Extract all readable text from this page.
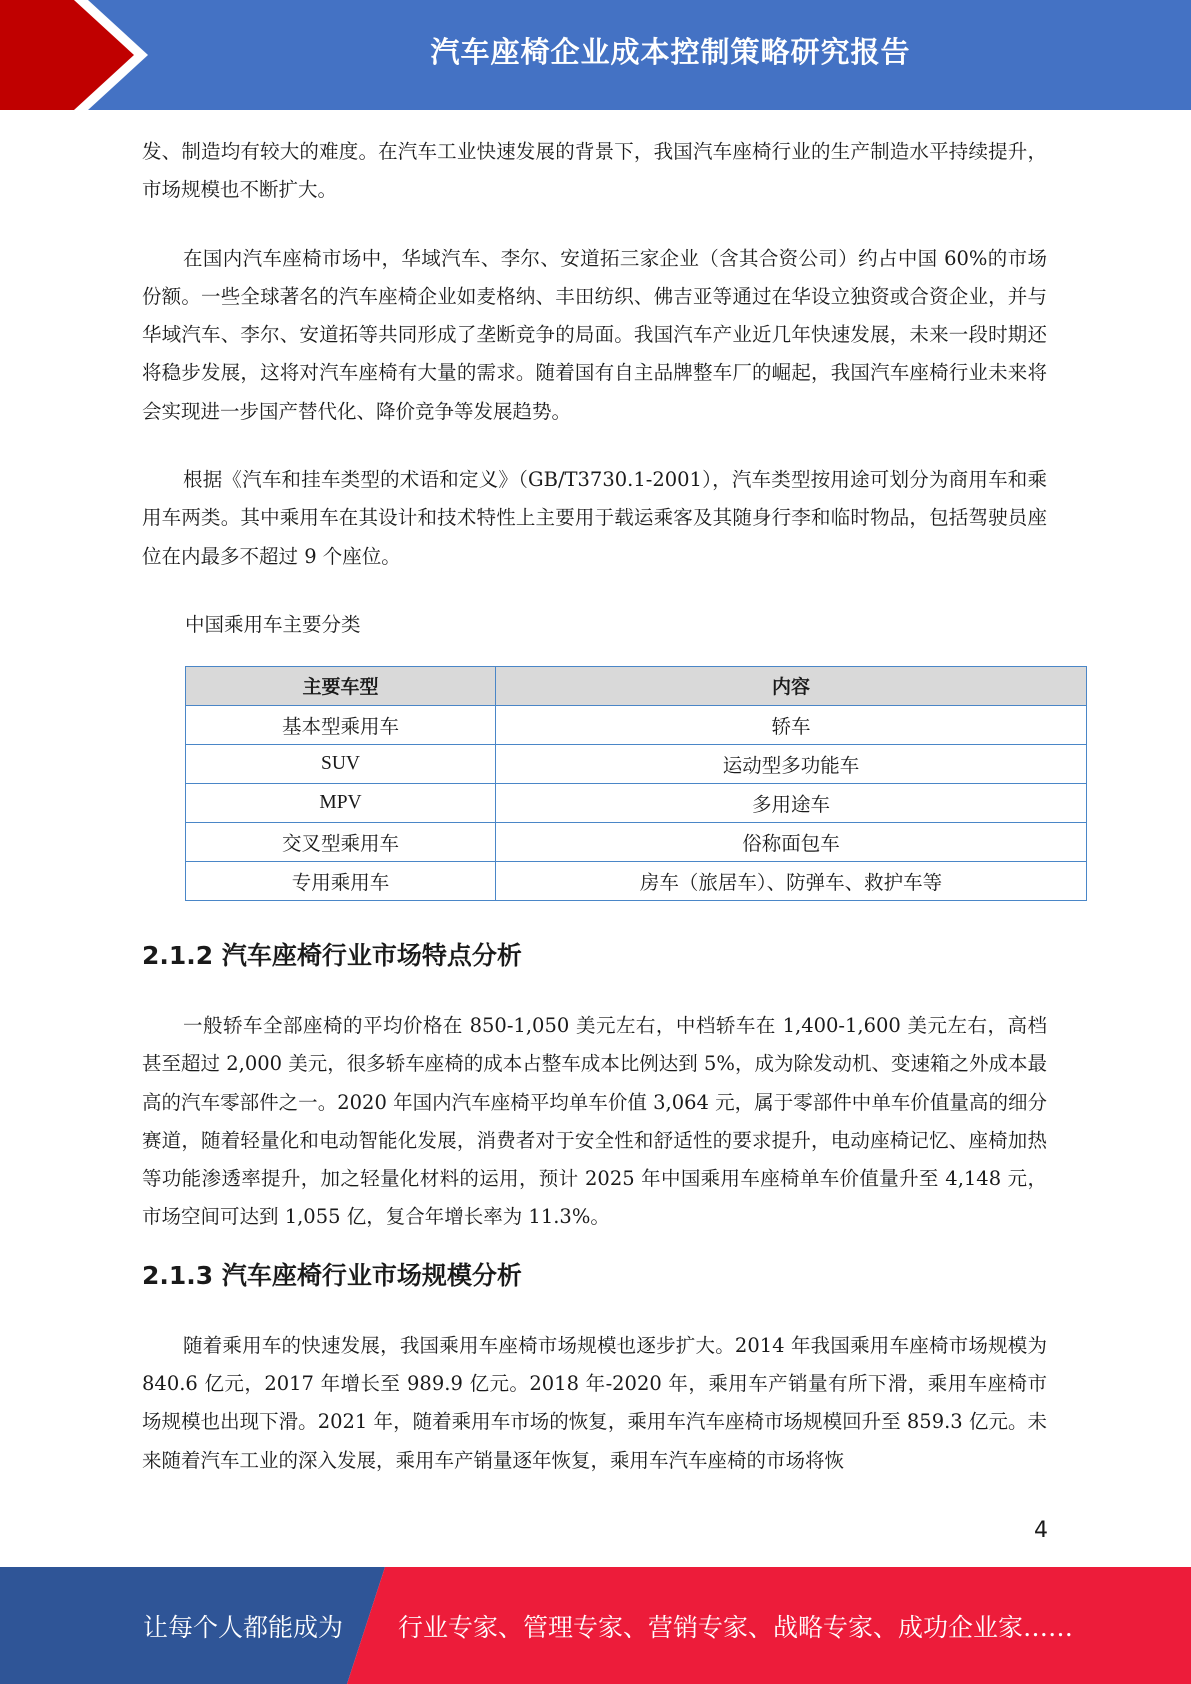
汽车座椅企业成本控制策略研究报告

发、制造均有较大的难度。在汽车工业快速发展的背景下，我国汽车座椅行业的生产制造水平持续提升，市场规模也不断扩大。

在国内汽车座椅市场中，华域汽车、李尔、安道拓三家企业（含其合资公司）约占中国 60%的市场份额。一些全球著名的汽车座椅企业如麦格纳、丰田纺织、佛吉亚等通过在华设立独资或合资企业，并与华域汽车、李尔、安道拓等共同形成了垄断竞争的局面。我国汽车产业近几年快速发展，未来一段时期还将稳步发展，这将对汽车座椅有大量的需求。随着国有自主品牌整车厂的崛起，我国汽车座椅行业未来将会实现进一步国产替代化、降价竞争等发展趋势。

根据《汽车和挂车类型的术语和定义》（GB/T3730.1-2001），汽车类型按用途可划分为商用车和乘用车两类。其中乘用车在其设计和技术特性上主要用于载运乘客及其随身行李和临时物品，包括驾驶员座位在内最多不超过 9 个座位。

中国乘用车主要分类

主要车型	内容
基本型乘用车	轿车
SUV	运动型多功能车
MPV	多用途车
交叉型乘用车	俗称面包车
专用乘用车	房车（旅居车）、防弹车、救护车等
2.1.2 汽车座椅行业市场特点分析

一般轿车全部座椅的平均价格在 850-1,050 美元左右，中档轿车在 1,400-1,600 美元左右，高档甚至超过 2,000 美元，很多轿车座椅的成本占整车成本比例达到 5%，成为除发动机、变速箱之外成本最高的汽车零部件之一。2020 年国内汽车座椅平均单车价值 3,064 元，属于零部件中单车价值量高的细分赛道，随着轻量化和电动智能化发展，消费者对于安全性和舒适性的要求提升，电动座椅记忆、座椅加热等功能渗透率提升，加之轻量化材料的运用，预计 2025 年中国乘用车座椅单车价值量升至 4,148 元，市场空间可达到 1,055 亿，复合年增长率为 11.3%。

2.1.3 汽车座椅行业市场规模分析

随着乘用车的快速发展，我国乘用车座椅市场规模也逐步扩大。2014 年我国乘用车座椅市场规模为 840.6 亿元，2017 年增长至 989.9 亿元。2018 年-2020 年，乘用车产销量有所下滑，乘用车座椅市场规模也出现下滑。2021 年，随着乘用车市场的恢复，乘用车汽车座椅市场规模回升至 859.3 亿元。未来随着汽车工业的深入发展，乘用车产销量逐年恢复，乘用车汽车座椅的市场将恢

4
让每个人都能成为 行业专家、管理专家、营销专家、战略专家、成功企业家……
